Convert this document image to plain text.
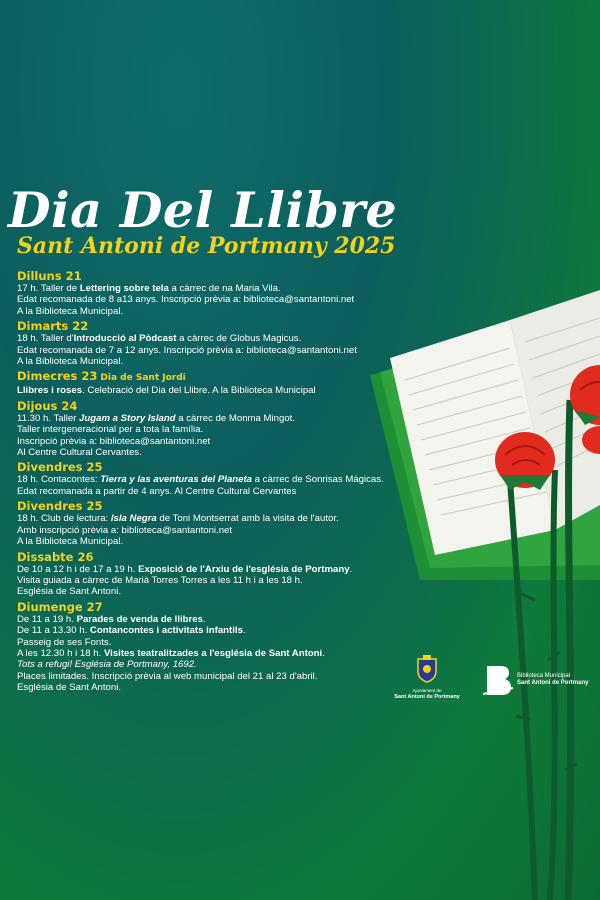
Dia Del Llibre
Sant Antoni de Portmany 2025
Dilluns 21
17 h. Taller de Lettering sobre tela a càrrec de na Maria Vila.
Edat recomanada de 8 a13 anys. Inscripció prèvia a: biblioteca@santantoni.net
A la Biblioteca Municipal.
Dimarts 22
18 h. Taller d'Introducció al Pòdcast a càrrec de Globus Magicus.
Edat recomanada de 7 a 12 anys. Inscripció prèvia a: biblioteca@santantoni.net
A la Biblioteca Municipal.
Dimecres 23 Dia de Sant Jordi
Llibres i roses. Celebració del Dia del Llibre. A la Biblioteca Municipal
Dijous 24
11.30 h. Taller Jugam a Story Island a càrrec de Monma Mingot.
Taller intergeneracional per a tota la família.
Inscripció prèvia a: biblioteca@santantoni.net
Al Centre Cultural Cervantes.
Divendres 25
18 h. Contacontes: Tierra y las aventuras del Planeta a càrrec de Sonrisas Mágicas.
Edat recomanada a partir de 4 anys. Al Centre Cultural Cervantes
Divendres 25
18 h. Club de lectura: Isla Negra de Toni Montserrat amb la visita de l'autor.
Amb inscripció prèvia a: biblioteca@santantoni.net
A la Biblioteca Municipal.
Dissabte 26
De 10 a 12 h i de 17 a 19 h. Exposició de l'Arxiu de l'església de Portmany.
Visita guiada a càrrec de Marià Torres Torres a les 11 h i a les 18 h.
Església de Sant Antoni.
Diumenge 27
De 11 a 19 h. Parades de venda de llibres.
De 11 a 13.30 h. Contancontes i activitats infantils.
Passeig de ses Fonts.
A les 12.30 h i 18 h. Visites teatralitzades a l'església de Sant Antoni.
Tots a refugi! Església de Portmany, 1692.
Places limitades. Inscripció prèvia al web municipal del 21 al 23 d'abril.
Església de Sant Antoni.	Ajuntament de
Sant Antoni de Portmany
Biblioteca Municipal
Sant Antoni de Portmany
